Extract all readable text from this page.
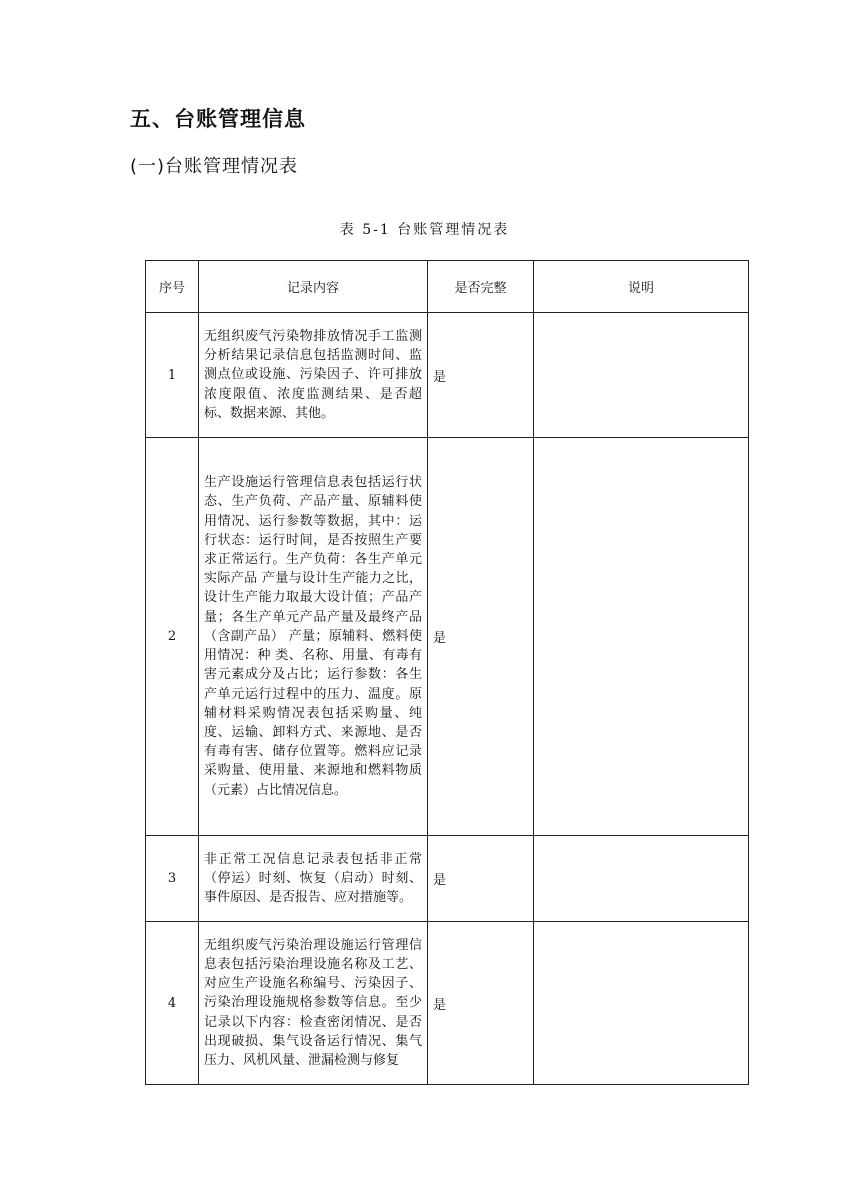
五、台账管理信息
(一)台账管理情况表
表 5-1 台账管理情况表
序号	记录内容	是否完整	说明
1	无组织废气污染物排放情况手工监测分析结果记录信息包括监测时间、监测点位或设施、污染因子、许可排放浓度限值、浓度监测结果、是否超标、数据来源、其他。	是	
2	生产设施运行管理信息表包括运行状态、生产负荷、产品产量、原辅料使用情况、运行参数等数据，其中：运行状态：运行时间，是否按照生产要求正常运行。生产负荷：各生产单元实际产品 产量与设计生产能力之比，设计生产能力取最大设计值；产品产量；各生产单元产品产量及最终产品（含副产品） 产量；原辅料、燃料使用情况：种 类、名称、用量、有毒有害元素成分及占比；运行参数：各生产单元运行过程中的压力、温度。原辅材料采购情况表包括采购量、纯度、运输、卸料方式、来源地、是否有毒有害、储存位置等。燃料应记录采购量、使用量、来源地和燃料物质（元素）占比情况信息。	是	
3	非正常工况信息记录表包括非正常（停运）时刻、恢复（启动）时刻、事件原因、是否报告、应对措施等。	是	
4	无组织废气污染治理设施运行管理信息表包括污染治理设施名称及工艺、对应生产设施名称编号、污染因子、污染治理设施规格参数等信息。至少记录以下内容：检查密闭情况、是否出现破损、集气设备运行情况、集气压力、风机风量、泄漏检测与修复	是	
